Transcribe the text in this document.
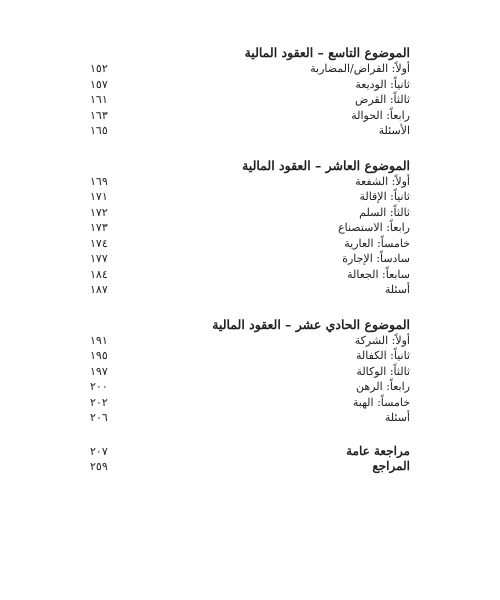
الموضوع التاسع – العقود المالية
أولاً: القراض/المضاربة
١٥٢
ثانياً: الوديعة
١٥٧
ثالثاً: القرض
١٦١
رابعاً: الحوالة
١٦٣
الأسئلة
١٦٥
الموضوع العاشر – العقود المالية
أولاً: الشفعة
١٦٩
ثانياً: الإقالة
١٧١
ثالثاً: السلم
١٧٢
رابعاً: الاستصناع
١٧٣
خامساً: العارية
١٧٤
سادساً: الإجارة
١٧٧
سابعاً: الجعالة
١٨٤
أسئلة
١٨٧
الموضوع الحادي عشر – العقود المالية
أولاً: الشركة
١٩١
ثانياً: الكفالة
١٩٥
ثالثاً: الوكالة
١٩٧
رابعاً: الرهن
٢٠٠
خامساً: الهبة
٢٠٢
أسئلة
٢٠٦
مراجعة عامة
٢٠٧
المراجع
٢٥٩
